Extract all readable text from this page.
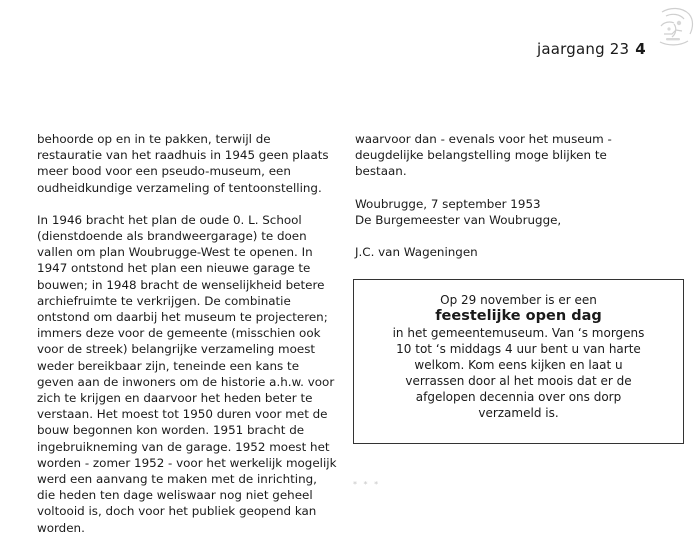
jaargang 23 4

behoorde op en in te pakken, terwijl de restauratie van het raadhuis in 1945 geen plaats meer bood voor een pseudo-museum, een oudheidkundige verzameling of tentoonstelling.

In 1946 bracht het plan de oude 0. L. School (dienstdoende als brandweergarage) te doen vallen om plan Woubrugge-West te openen. In 1947 ontstond het plan een nieuwe garage te bouwen; in 1948 bracht de wenselijkheid betere archiefruimte te verkrijgen. De combinatie ontstond om daarbij het museum te projecteren; immers deze voor de gemeente (misschien ook voor de streek) belangrijke verzameling moest weder bereikbaar zijn, teneinde een kans te geven aan de inwoners om de historie a.h.w. voor zich te krijgen en daarvoor het heden beter te verstaan. Het moest tot 1950 duren voor met de bouw begonnen kon worden. 1951 bracht de ingebruikneming van de garage. 1952 moest het worden - zomer 1952 - voor het werkelijk mogelijk werd een aanvang te maken met de inrichting, die heden ten dage weliswaar nog niet geheel voltooid is, doch voor het publiek geopend kan worden.

waarvoor dan - evenals voor het museum - deugdelijke belangstelling moge blijken te bestaan.

Woubrugge, 7 september 1953
De Burgemeester van Woubrugge,

J.C. van Wageningen

Op 29 november is er een
feestelijke open dag
in het gemeentemuseum. Van ‘s morgens
10 tot ‘s middags 4 uur bent u van harte
welkom. Kom eens kijken en laat u
verrassen door al het moois dat er de
afgelopen decennia over ons dorp
verzameld is.
* * *
